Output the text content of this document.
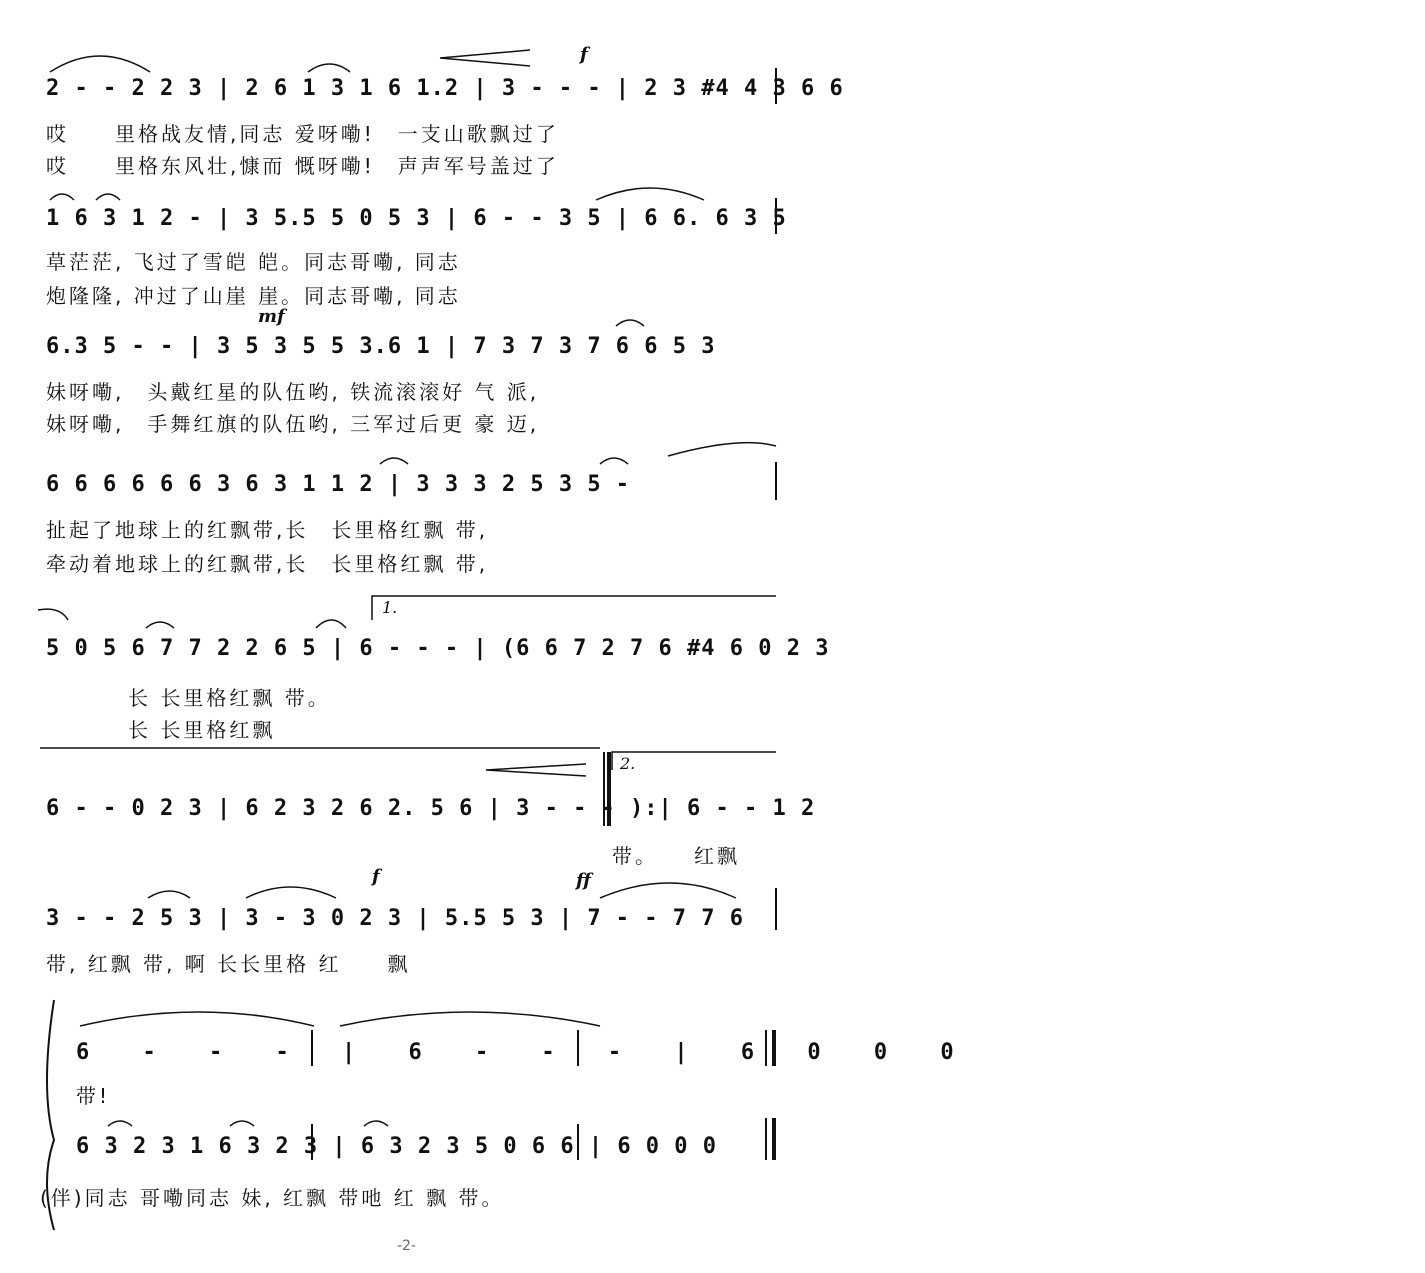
f
2 - - 2 2 3 | 2 6 1 3 1 6 1.2 | 3 - - - | 2 3 #4 4 3 6 6
哎　　里格战友情,同志 爱呀嘞!　一支山歌飘过了
哎　　里格东风壮,慷而 慨呀嘞!　声声军号盖过了
1 6 3 1 2 - | 3 5.5 5 0 5 3 | 6 - - 3 5 | 6 6. 6 3 5
草茫茫, 飞过了雪皑 皑。同志哥嘞, 同志
炮隆隆, 冲过了山崖 崖。同志哥嘞, 同志
mf
6.3 5 - - | 3 5 3 5 5 3.6 1 | 7 3 7 3 7 6 6 5 3
妹呀嘞,　头戴红星的队伍哟, 铁流滚滚好 气 派,
妹呀嘞,　手舞红旗的队伍哟, 三军过后更 豪 迈,
6 6 6 6 6 6 3 6 3 1 1 2 | 3 3 3 2 5 3 5 -
扯起了地球上的红飘带,长　长里格红飘 带,
牵动着地球上的红飘带,长　长里格红飘 带,
1.
5 0 5 6 7 7 2 2 6 5 | 6 - - - | (6 6 7 2 7 6 #4 6 0 2 3
长 长里格红飘 带。
长 长里格红飘
2.
6 - - 0 2 3 | 6 2 3 2 6 2. 5 6 | 3 - - - ):| 6 - - 1 2
带。　　红飘
f	ff
3 - - 2 5 3 | 3 - 3 0 2 3 | 5.5 5 3 | 7 - - 7 7 6
带, 红飘 带, 啊 长长里格 红　　飘
6 - - - | 6 - - - | 6 0 0 0
带!
6 3 2 3 1 6 3 2 3 | 6 3 2 3 5 0 6 6 | 6 0 0 0
(伴)同志 哥嘞同志 妹, 红飘 带吔 红 飘 带。
-2-
